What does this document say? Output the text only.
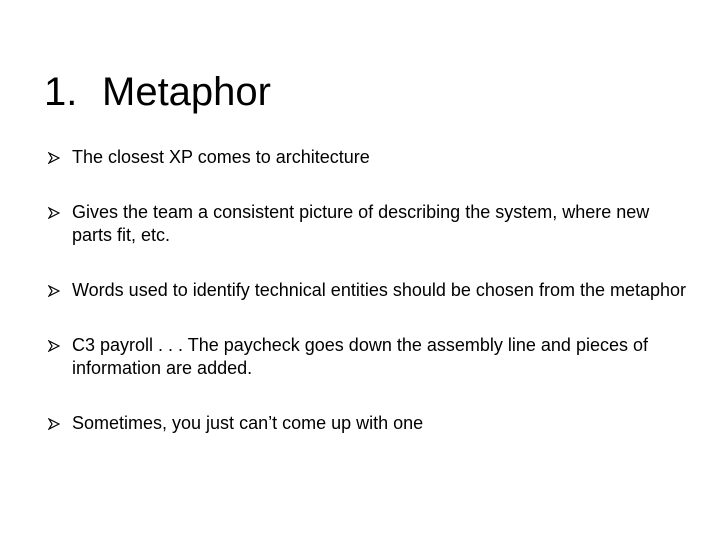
1. Metaphor
The closest XP comes to architecture
Gives the team a consistent picture of describing the system, where new parts fit, etc.
Words used to identify technical entities should be chosen from the metaphor
C3 payroll . . . The paycheck goes down the assembly line and pieces of information are added.
Sometimes, you just can’t come up with one
